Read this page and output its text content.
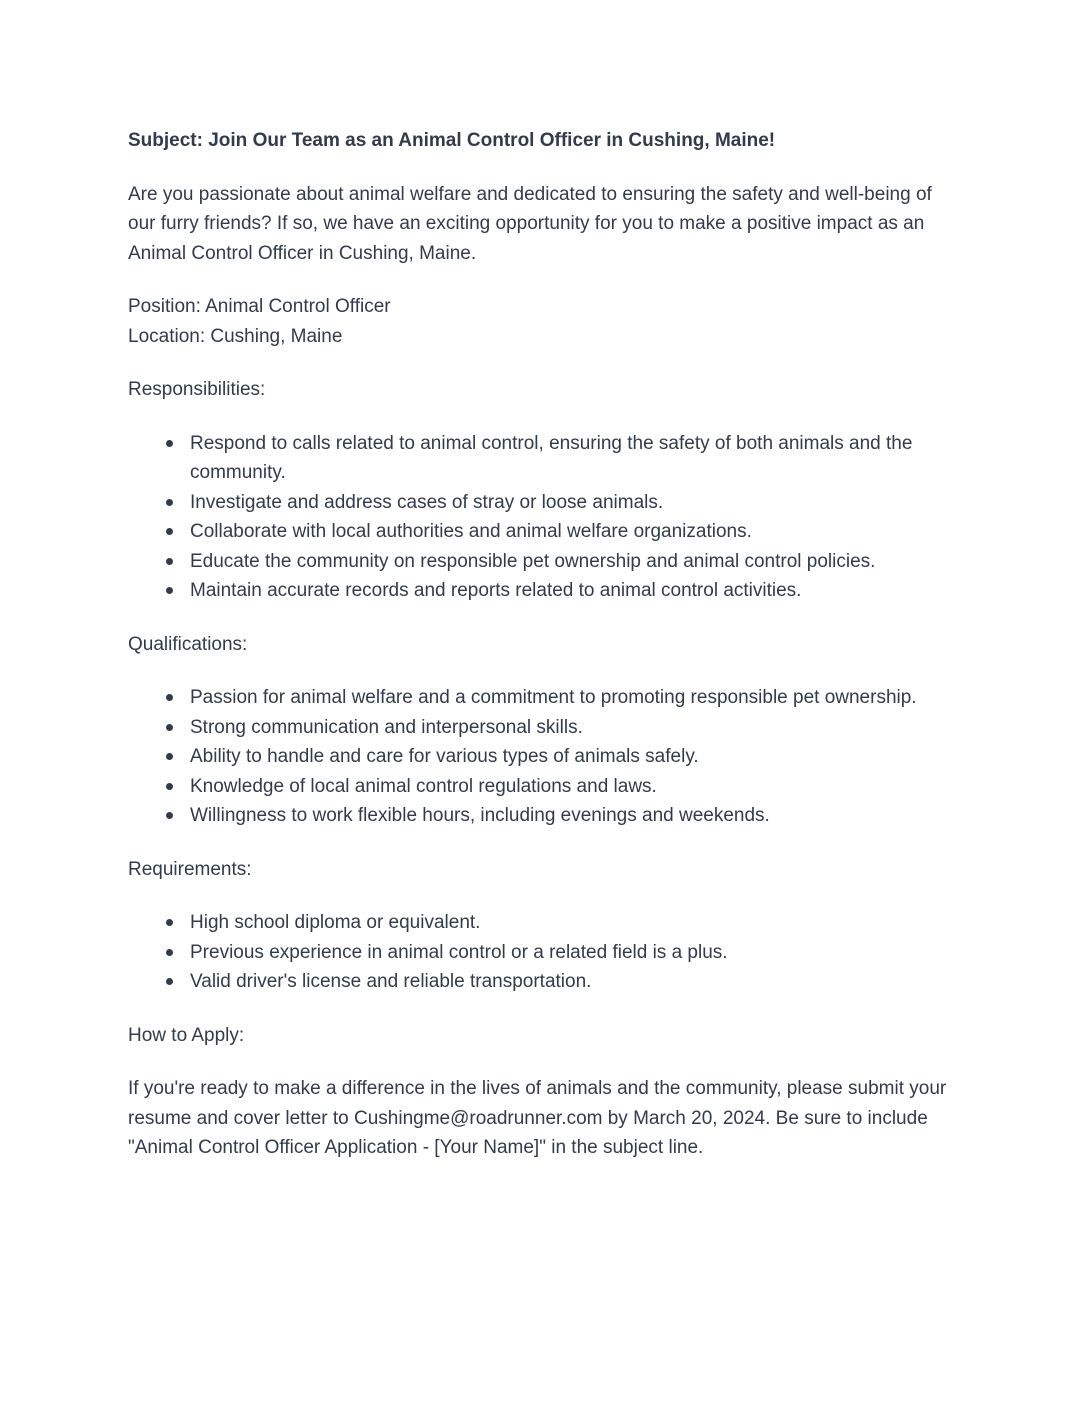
Subject: Join Our Team as an Animal Control Officer in Cushing, Maine!

Are you passionate about animal welfare and dedicated to ensuring the safety and well-being of our furry friends? If so, we have an exciting opportunity for you to make a positive impact as an Animal Control Officer in Cushing, Maine.

Position: Animal Control Officer
Location: Cushing, Maine

Responsibilities:

Respond to calls related to animal control, ensuring the safety of both animals and the community.
Investigate and address cases of stray or loose animals.
Collaborate with local authorities and animal welfare organizations.
Educate the community on responsible pet ownership and animal control policies.
Maintain accurate records and reports related to animal control activities.

Qualifications:

Passion for animal welfare and a commitment to promoting responsible pet ownership.
Strong communication and interpersonal skills.
Ability to handle and care for various types of animals safely.
Knowledge of local animal control regulations and laws.
Willingness to work flexible hours, including evenings and weekends.

Requirements:

High school diploma or equivalent.
Previous experience in animal control or a related field is a plus.
Valid driver's license and reliable transportation.

How to Apply:

If you're ready to make a difference in the lives of animals and the community, please submit your resume and cover letter to Cushingme@roadrunner.com by March 20, 2024. Be sure to include "Animal Control Officer Application - [Your Name]" in the subject line.
